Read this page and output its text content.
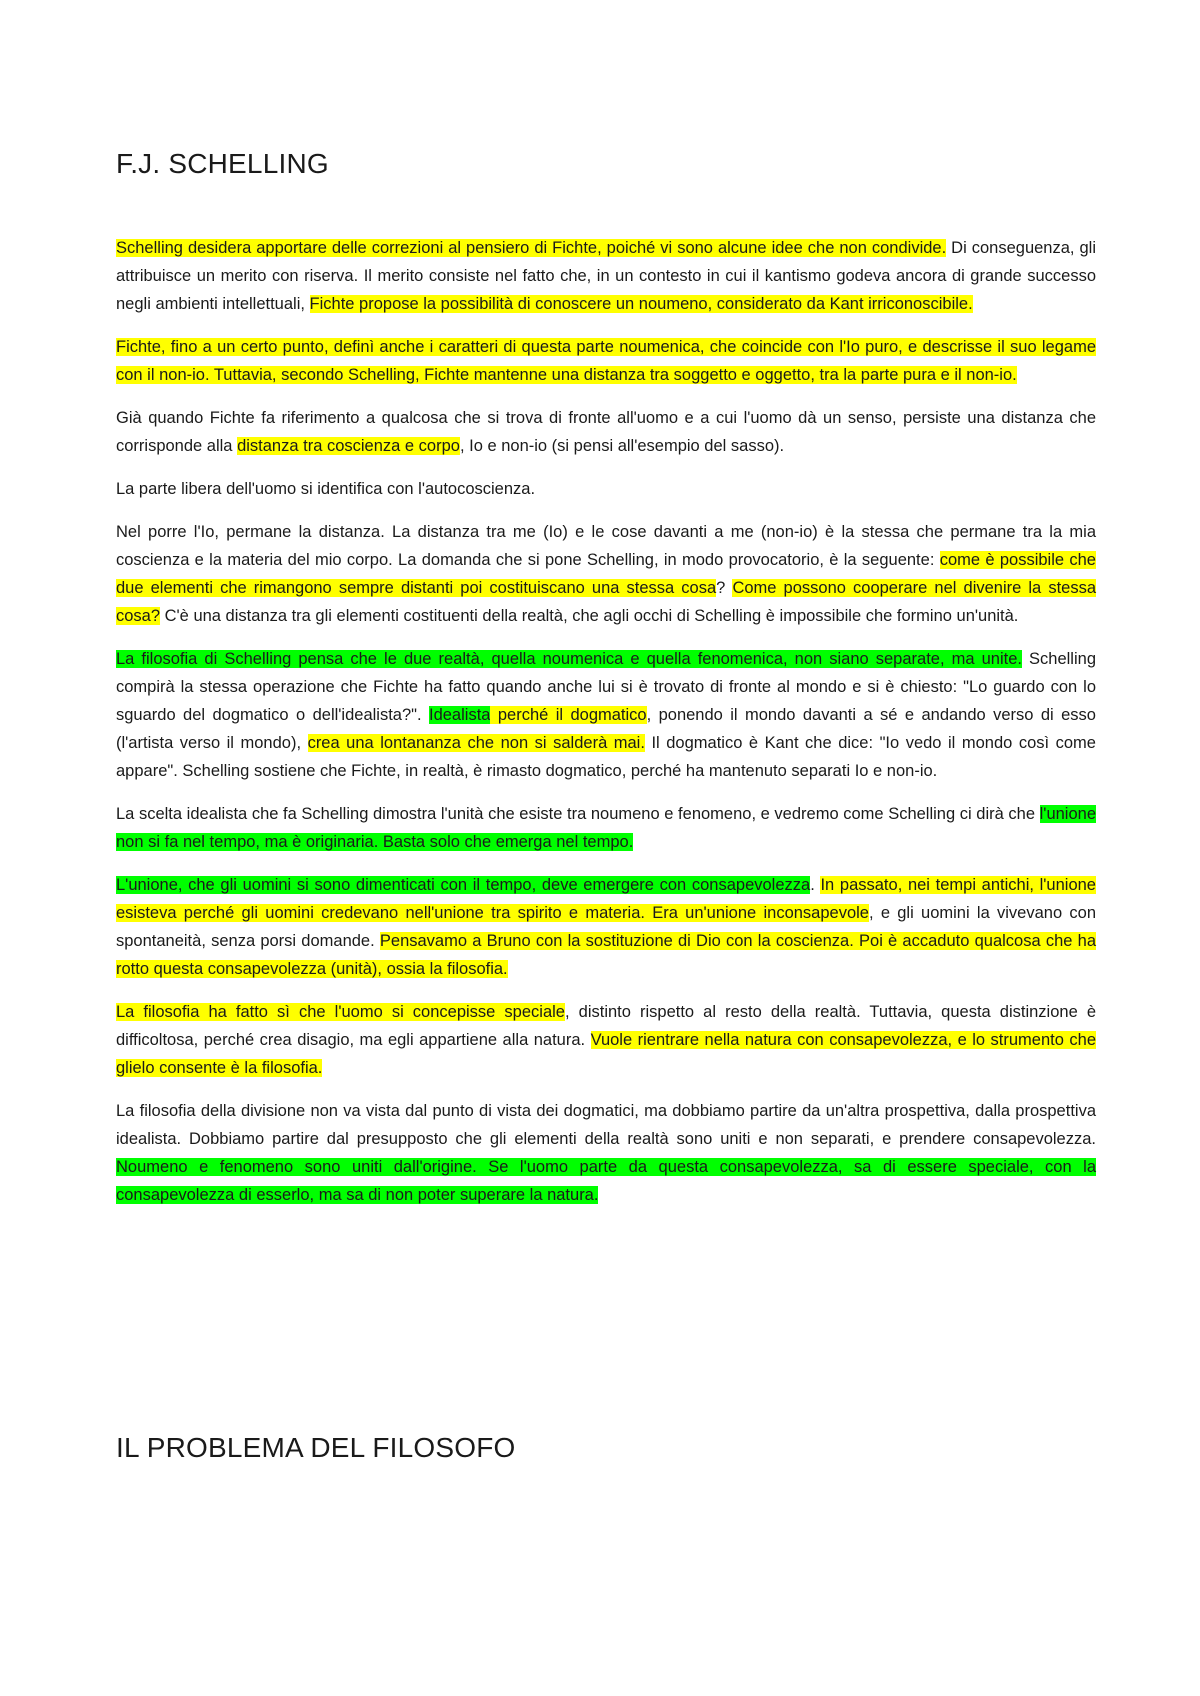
F.J. SCHELLING

Schelling desidera apportare delle correzioni al pensiero di Fichte, poiché vi sono alcune idee che non condivide. Di conseguenza, gli attribuisce un merito con riserva. Il merito consiste nel fatto che, in un contesto in cui il kantismo godeva ancora di grande successo negli ambienti intellettuali, Fichte propose la possibilità di conoscere un noumeno, considerato da Kant irriconoscibile.

Fichte, fino a un certo punto, definì anche i caratteri di questa parte noumenica, che coincide con l'Io puro, e descrisse il suo legame con il non-io. Tuttavia, secondo Schelling, Fichte mantenne una distanza tra soggetto e oggetto, tra la parte pura e il non-io.

Già quando Fichte fa riferimento a qualcosa che si trova di fronte all'uomo e a cui l'uomo dà un senso, persiste una distanza che corrisponde alla distanza tra coscienza e corpo, Io e non-io (si pensi all'esempio del sasso).

La parte libera dell'uomo si identifica con l'autocoscienza.

Nel porre l'Io, permane la distanza. La distanza tra me (Io) e le cose davanti a me (non-io) è la stessa che permane tra la mia coscienza e la materia del mio corpo. La domanda che si pone Schelling, in modo provocatorio, è la seguente: come è possibile che due elementi che rimangono sempre distanti poi costituiscano una stessa cosa? Come possono cooperare nel divenire la stessa cosa? C'è una distanza tra gli elementi costituenti della realtà, che agli occhi di Schelling è impossibile che formino un'unità.

La filosofia di Schelling pensa che le due realtà, quella noumenica e quella fenomenica, non siano separate, ma unite. Schelling compirà la stessa operazione che Fichte ha fatto quando anche lui si è trovato di fronte al mondo e si è chiesto: "Lo guardo con lo sguardo del dogmatico o dell'idealista?". Idealista perché il dogmatico, ponendo il mondo davanti a sé e andando verso di esso (l'artista verso il mondo), crea una lontananza che non si salderà mai. Il dogmatico è Kant che dice: "Io vedo il mondo così come appare". Schelling sostiene che Fichte, in realtà, è rimasto dogmatico, perché ha mantenuto separati Io e non-io.

La scelta idealista che fa Schelling dimostra l'unità che esiste tra noumeno e fenomeno, e vedremo come Schelling ci dirà che l'unione non si fa nel tempo, ma è originaria. Basta solo che emerga nel tempo.

L'unione, che gli uomini si sono dimenticati con il tempo, deve emergere con consapevolezza. In passato, nei tempi antichi, l'unione esisteva perché gli uomini credevano nell'unione tra spirito e materia. Era un'unione inconsapevole, e gli uomini la vivevano con spontaneità, senza porsi domande. Pensavamo a Bruno con la sostituzione di Dio con la coscienza. Poi è accaduto qualcosa che ha rotto questa consapevolezza (unità), ossia la filosofia.

La filosofia ha fatto sì che l'uomo si concepisse speciale, distinto rispetto al resto della realtà. Tuttavia, questa distinzione è difficoltosa, perché crea disagio, ma egli appartiene alla natura. Vuole rientrare nella natura con consapevolezza, e lo strumento che glielo consente è la filosofia.

La filosofia della divisione non va vista dal punto di vista dei dogmatici, ma dobbiamo partire da un'altra prospettiva, dalla prospettiva idealista. Dobbiamo partire dal presupposto che gli elementi della realtà sono uniti e non separati, e prendere consapevolezza. Noumeno e fenomeno sono uniti dall'origine. Se l'uomo parte da questa consapevolezza, sa di essere speciale, con la consapevolezza di esserlo, ma sa di non poter superare la natura.

IL PROBLEMA DEL FILOSOFO
